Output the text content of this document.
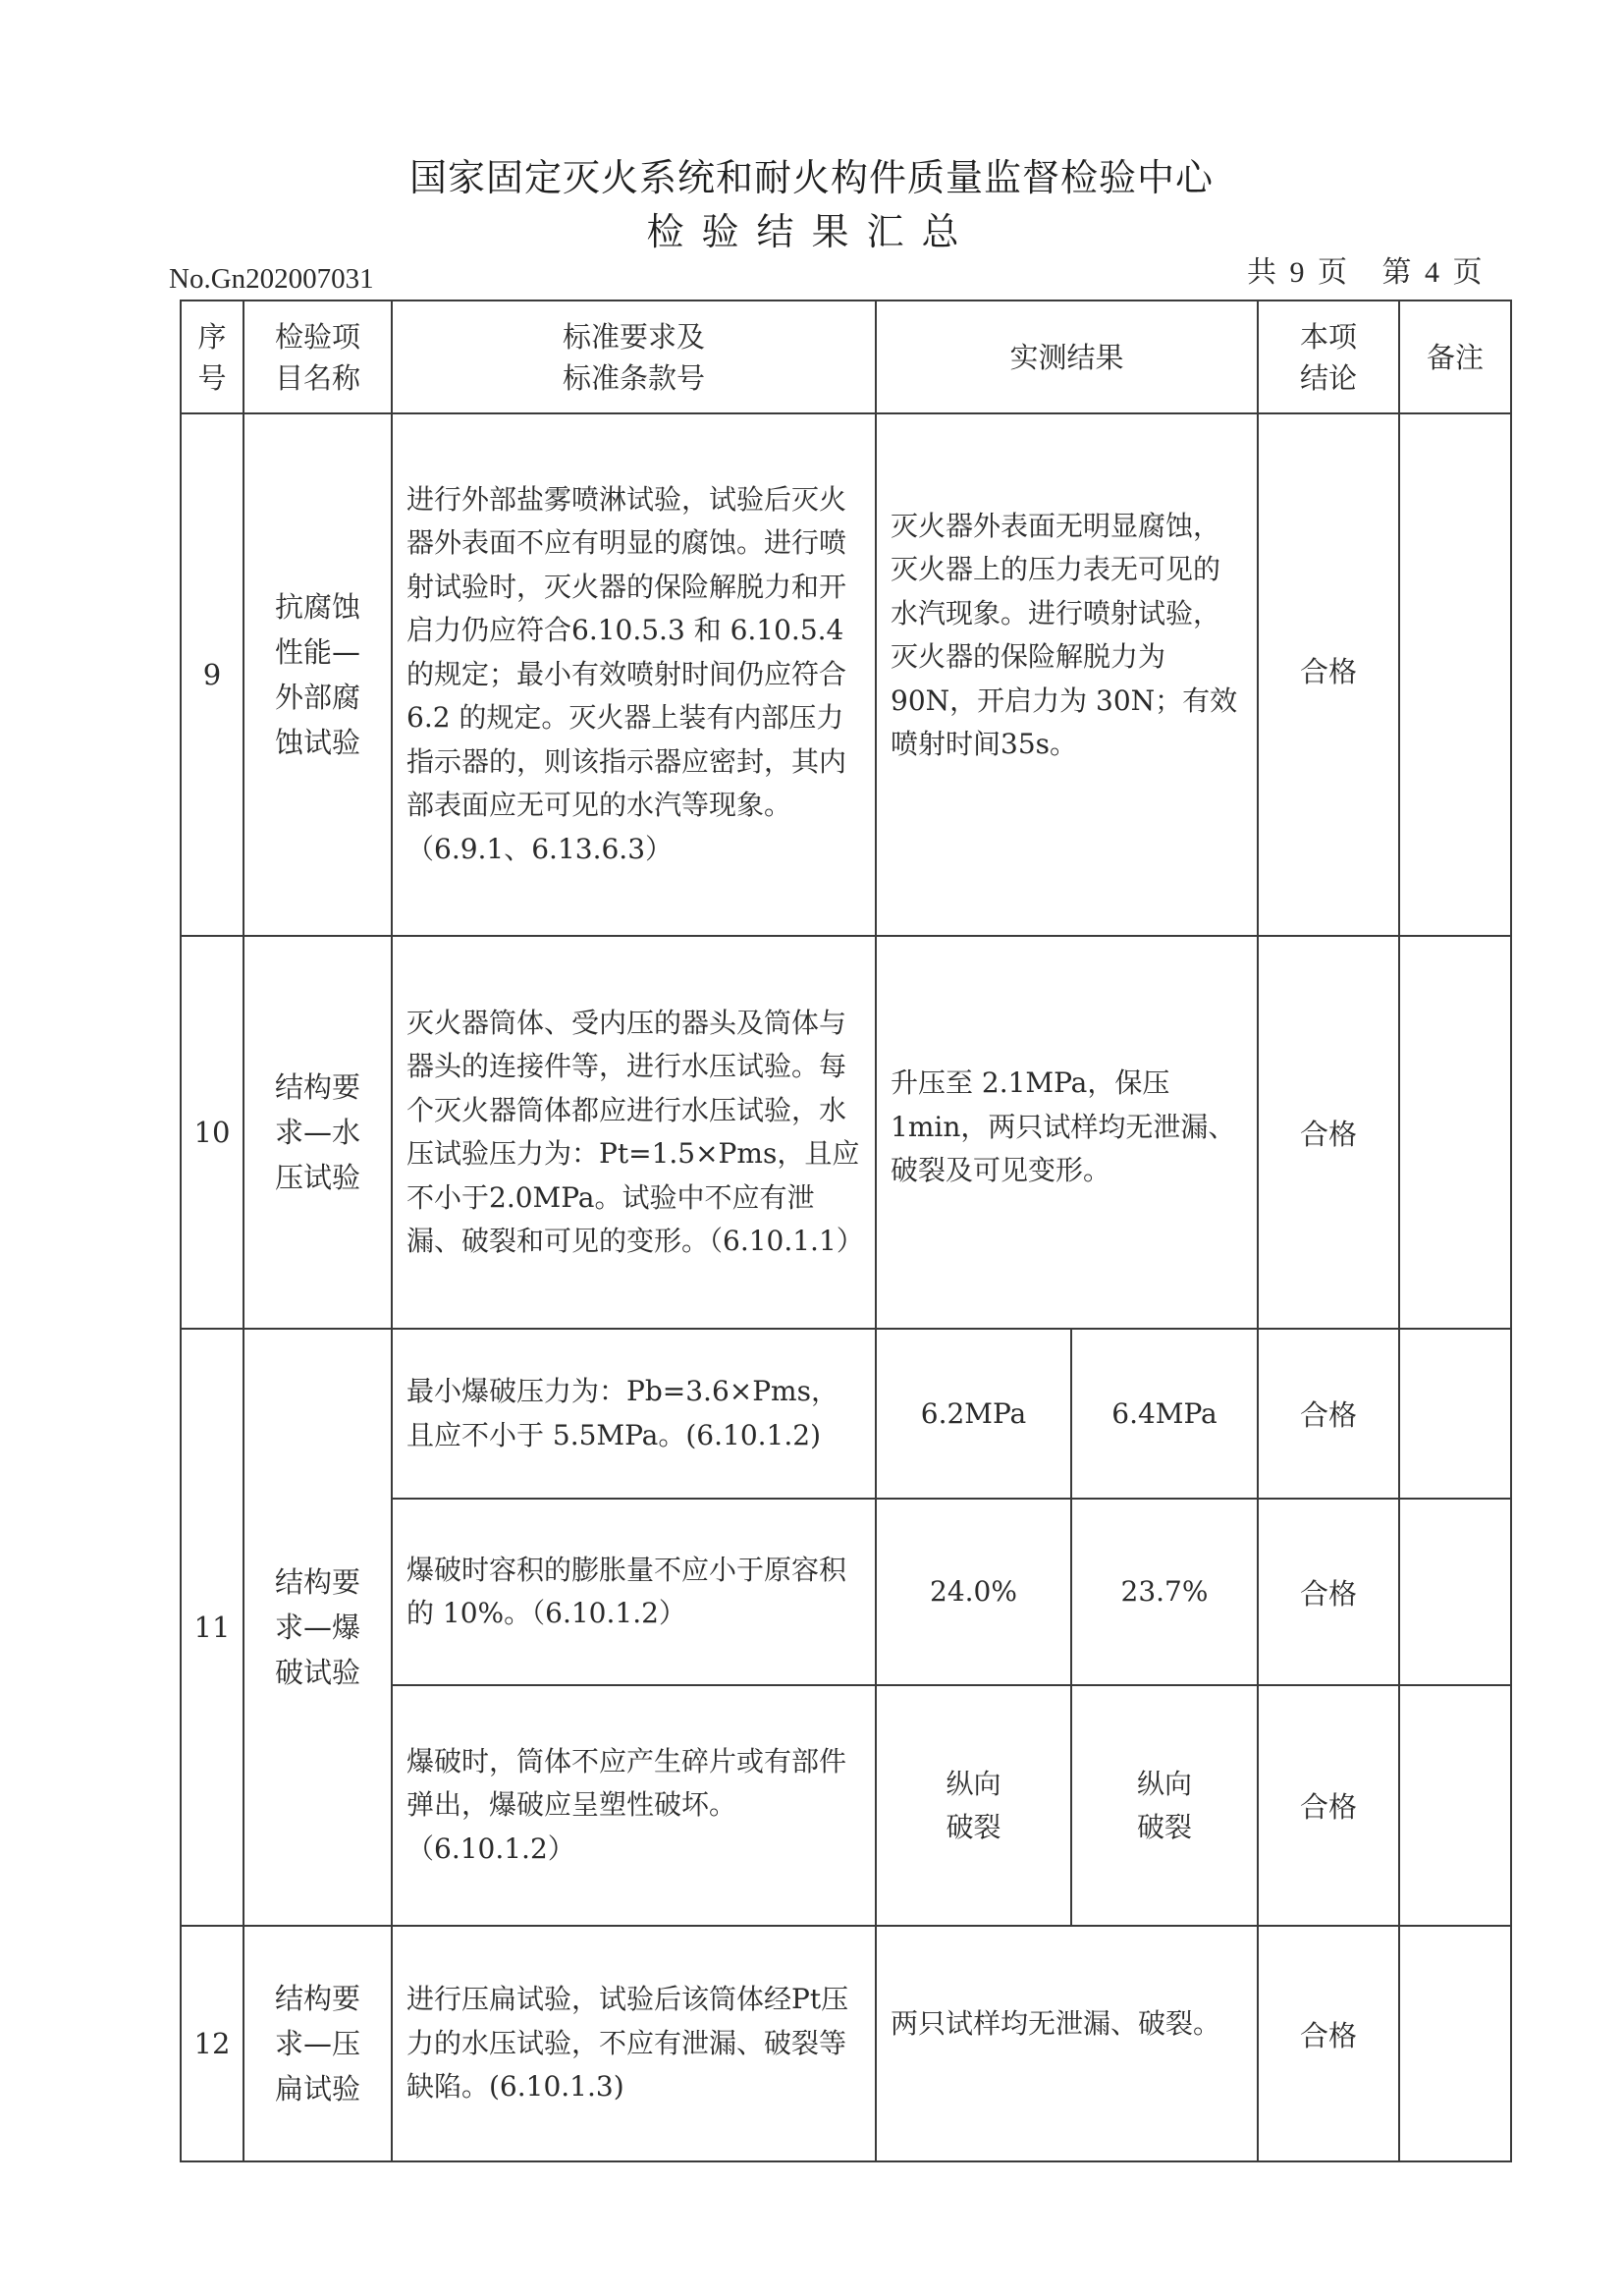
国家固定灭火系统和耐火构件质量监督检验中心
检验结果汇总
No.Gn202007031	共 9 页 第 4 页
序号	检验项目名称	标准要求及标准条款号	实测结果		本项结论	备注
9	抗腐蚀性能—外部腐蚀试验	进行外部盐雾喷淋试验，试验后灭火器外表面不应有明显的腐蚀。进行喷射试验时，灭火器的保险解脱力和开启力仍应符合6.10.5.3 和 6.10.5.4 的规定；最小有效喷射时间仍应符合 6.2 的规定。灭火器上装有内部压力指示器的，则该指示器应密封，其内部表面应无可见的水汽等现象。（6.9.1、6.13.6.3）	灭火器外表面无明显腐蚀，灭火器上的压力表无可见的水汽现象。进行喷射试验，灭火器的保险解脱力为 90N，开启力为 30N；有效喷射时间35s。		合格	

10	结构要求—水压试验	灭火器筒体、受内压的器头及筒体与器头的连接件等，进行水压试验。每个灭火器筒体都应进行水压试验，水压试验压力为：Pt=1.5×Pms，且应不小于2.0MPa。试验中不应有泄漏、破裂和可见的变形。（6.10.1.1）	升压至 2.1MPa，保压1min，两只试样均无泄漏、破裂及可见变形。		合格	

11	结构要求—爆破试验	最小爆破压力为：Pb=3.6×Pms，且应不小于 5.5MPa。(6.10.1.2)	6.2MPa	6.4MPa	合格	

		爆破时容积的膨胀量不应小于原容积的 10%。（6.10.1.2）	24.0%	23.7%	合格	

		爆破时，筒体不应产生碎片或有部件弹出，爆破应呈塑性破坏。（6.10.1.2）	纵向破裂	纵向破裂	合格	
12	结构要求—压扁试验	进行压扁试验，试验后该筒体经Pt压力的水压试验，不应有泄漏、破裂等缺陷。(6.10.1.3)	两只试样均无泄漏、破裂。		合格	
